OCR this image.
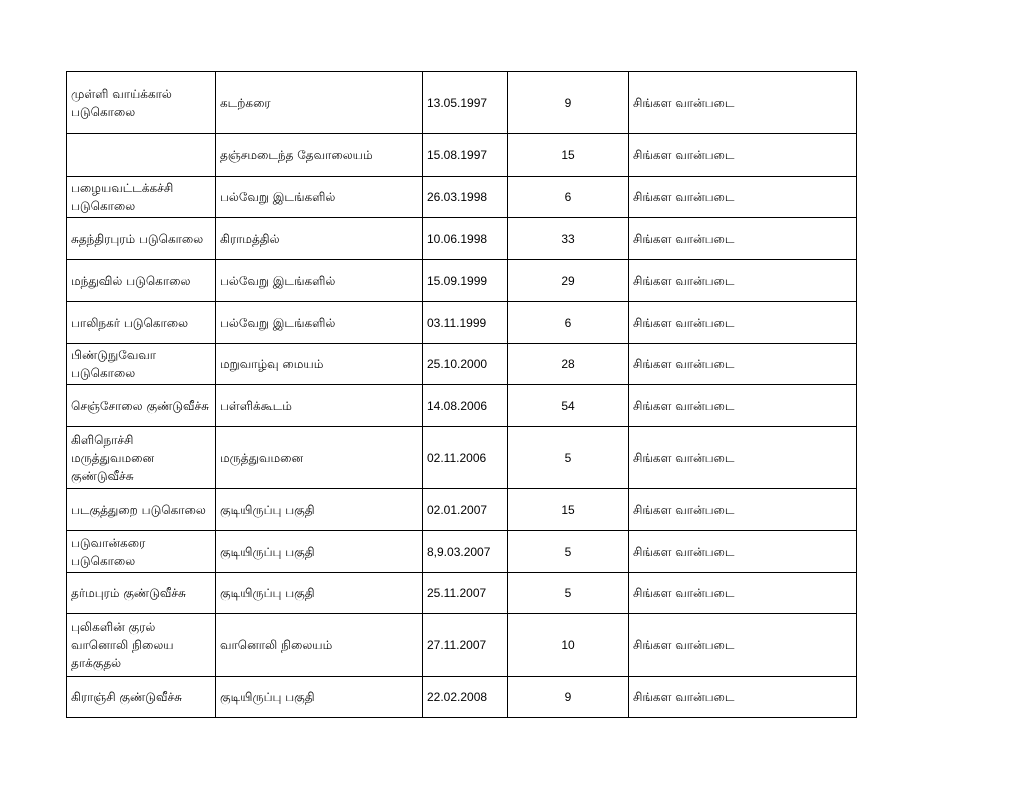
முள்ளி வாய்க்கால் படுகொலை	கடற்கரை	13.05.1997	9	சிங்கள வான்படை
	தஞ்சமடைந்த தேவாலையம்	15.08.1997	15	சிங்கள வான்படை
பழையவட்டக்கச்சி படுகொலை	பல்வேறு இடங்களில்	26.03.1998	6	சிங்கள வான்படை
சுதந்திரபுரம் படுகொலை	கிராமத்தில்	10.06.1998	33	சிங்கள வான்படை
மந்துவில் படுகொலை	பல்வேறு இடங்களில்	15.09.1999	29	சிங்கள வான்படை
பாலிநகர் படுகொலை	பல்வேறு இடங்களில்	03.11.1999	6	சிங்கள வான்படை
பிண்டுநுவேவா படுகொலை	மறுவாழ்வு மையம்	25.10.2000	28	சிங்கள வான்படை
செஞ்சோலை குண்டுவீச்சு	பள்ளிக்கூடம்	14.08.2006	54	சிங்கள வான்படை
கிளிநொச்சி மருத்துவமனை குண்டுவீச்சு	மருத்துவமனை	02.11.2006	5	சிங்கள வான்படை
படகுத்துறை படுகொலை	குடியிருப்பு பகுதி	02.01.2007	15	சிங்கள வான்படை
படுவான்கரை படுகொலை	குடியிருப்பு பகுதி	8,9.03.2007	5	சிங்கள வான்படை
தர்மபுரம் குண்டுவீச்சு	குடியிருப்பு பகுதி	25.11.2007	5	சிங்கள வான்படை
புலிகளின் குரல் வானொலி நிலைய தாக்குதல்	வானொலி நிலையம்	27.11.2007	10	சிங்கள வான்படை
கிராஞ்சி குண்டுவீச்சு	குடியிருப்பு பகுதி	22.02.2008	9	சிங்கள வான்படை
